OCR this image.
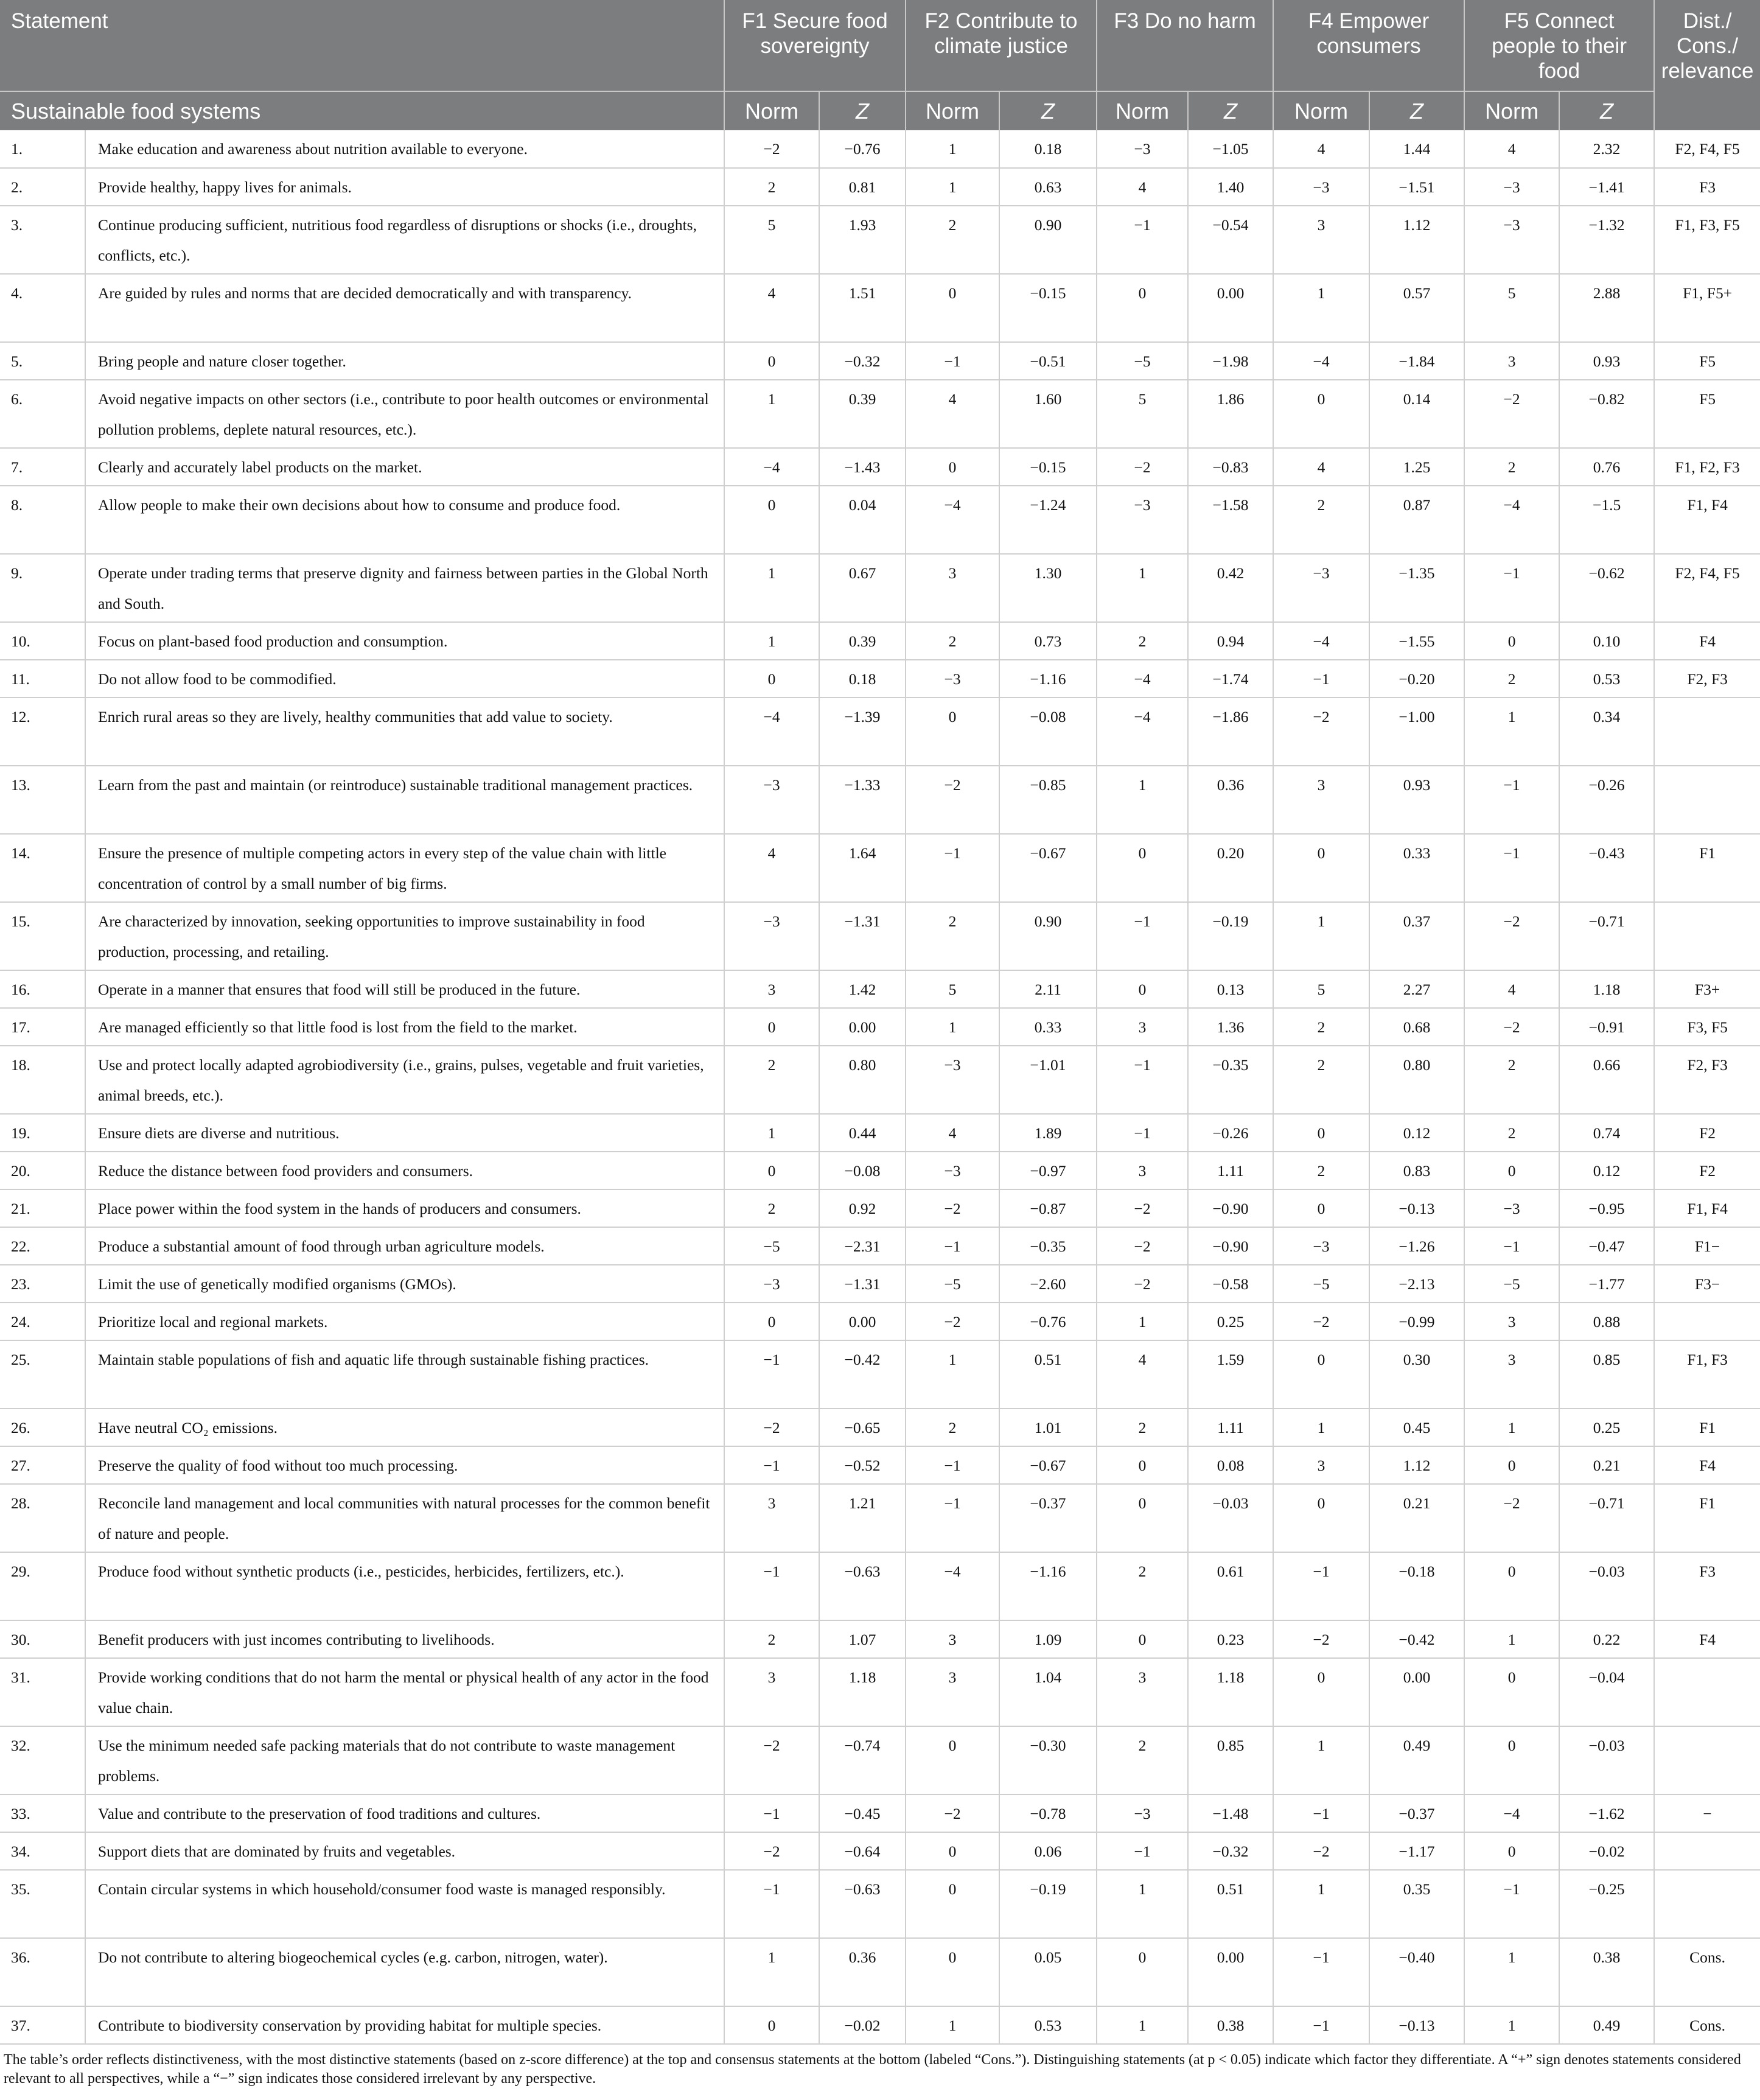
Statement		F1 Secure food sovereignty		F2 Contribute to climate justice		F3 Do no harm		F4 Empower consumers		F5 Connect people to their food		Dist./ Cons./ relevance
Sustainable food systems		Norm	Z	Norm	Z	Norm	Z	Norm	Z	Norm	Z	
1.	Make education and awareness about nutrition available to everyone.	−2	−0.76	1	0.18	−3	−1.05	4	1.44	4	2.32	F2, F4, F5
2.	Provide healthy, happy lives for animals.	2	0.81	1	0.63	4	1.40	−3	−1.51	−3	−1.41	F3
3.	Continue producing sufficient, nutritious food regardless of disruptions or shocks (i.e., droughts, conflicts, etc.).	5	1.93	2	0.90	−1	−0.54	3	1.12	−3	−1.32	F1, F3, F5
4.	Are guided by rules and norms that are decided democratically and with transparency.	4	1.51	0	−0.15	0	0.00	1	0.57	5	2.88	F1, F5+
5.	Bring people and nature closer together.	0	−0.32	−1	−0.51	−5	−1.98	−4	−1.84	3	0.93	F5
6.	Avoid negative impacts on other sectors (i.e., contribute to poor health outcomes or environmental pollution problems, deplete natural resources, etc.).	1	0.39	4	1.60	5	1.86	0	0.14	−2	−0.82	F5
7.	Clearly and accurately label products on the market.	−4	−1.43	0	−0.15	−2	−0.83	4	1.25	2	0.76	F1, F2, F3
8.	Allow people to make their own decisions about how to consume and produce food.	0	0.04	−4	−1.24	−3	−1.58	2	0.87	−4	−1.5	F1, F4
9.	Operate under trading terms that preserve dignity and fairness between parties in the Global North and South.	1	0.67	3	1.30	1	0.42	−3	−1.35	−1	−0.62	F2, F4, F5
10.	Focus on plant-based food production and consumption.	1	0.39	2	0.73	2	0.94	−4	−1.55	0	0.10	F4
11.	Do not allow food to be commodified.	0	0.18	−3	−1.16	−4	−1.74	−1	−0.20	2	0.53	F2, F3
12.	Enrich rural areas so they are lively, healthy communities that add value to society.	−4	−1.39	0	−0.08	−4	−1.86	−2	−1.00	1	0.34	
13.	Learn from the past and maintain (or reintroduce) sustainable traditional management practices.	−3	−1.33	−2	−0.85	1	0.36	3	0.93	−1	−0.26	
14.	Ensure the presence of multiple competing actors in every step of the value chain with little concentration of control by a small number of big firms.	4	1.64	−1	−0.67	0	0.20	0	0.33	−1	−0.43	F1
15.	Are characterized by innovation, seeking opportunities to improve sustainability in food production, processing, and retailing.	−3	−1.31	2	0.90	−1	−0.19	1	0.37	−2	−0.71	
16.	Operate in a manner that ensures that food will still be produced in the future.	3	1.42	5	2.11	0	0.13	5	2.27	4	1.18	F3+
17.	Are managed efficiently so that little food is lost from the field to the market.	0	0.00	1	0.33	3	1.36	2	0.68	−2	−0.91	F3, F5
18.	Use and protect locally adapted agrobiodiversity (i.e., grains, pulses, vegetable and fruit varieties, animal breeds, etc.).	2	0.80	−3	−1.01	−1	−0.35	2	0.80	2	0.66	F2, F3
19.	Ensure diets are diverse and nutritious.	1	0.44	4	1.89	−1	−0.26	0	0.12	2	0.74	F2
20.	Reduce the distance between food providers and consumers.	0	−0.08	−3	−0.97	3	1.11	2	0.83	0	0.12	F2
21.	Place power within the food system in the hands of producers and consumers.	2	0.92	−2	−0.87	−2	−0.90	0	−0.13	−3	−0.95	F1, F4
22.	Produce a substantial amount of food through urban agriculture models.	−5	−2.31	−1	−0.35	−2	−0.90	−3	−1.26	−1	−0.47	F1−
23.	Limit the use of genetically modified organisms (GMOs).	−3	−1.31	−5	−2.60	−2	−0.58	−5	−2.13	−5	−1.77	F3−
24.	Prioritize local and regional markets.	0	0.00	−2	−0.76	1	0.25	−2	−0.99	3	0.88	
25.	Maintain stable populations of fish and aquatic life through sustainable fishing practices.	−1	−0.42	1	0.51	4	1.59	0	0.30	3	0.85	F1, F3
26.	Have neutral CO₂ emissions.	−2	−0.65	2	1.01	2	1.11	1	0.45	1	0.25	F1
27.	Preserve the quality of food without too much processing.	−1	−0.52	−1	−0.67	0	0.08	3	1.12	0	0.21	F4
28.	Reconcile land management and local communities with natural processes for the common benefit of nature and people.	3	1.21	−1	−0.37	0	−0.03	0	0.21	−2	−0.71	F1
29.	Produce food without synthetic products (i.e., pesticides, herbicides, fertilizers, etc.).	−1	−0.63	−4	−1.16	2	0.61	−1	−0.18	0	−0.03	F3
30.	Benefit producers with just incomes contributing to livelihoods.	2	1.07	3	1.09	0	0.23	−2	−0.42	1	0.22	F4
31.	Provide working conditions that do not harm the mental or physical health of any actor in the food value chain.	3	1.18	3	1.04	3	1.18	0	0.00	0	−0.04	
32.	Use the minimum needed safe packing materials that do not contribute to waste management problems.	−2	−0.74	0	−0.30	2	0.85	1	0.49	0	−0.03	
33.	Value and contribute to the preservation of food traditions and cultures.	−1	−0.45	−2	−0.78	−3	−1.48	−1	−0.37	−4	−1.62	−
34.	Support diets that are dominated by fruits and vegetables.	−2	−0.64	0	0.06	−1	−0.32	−2	−1.17	0	−0.02	
35.	Contain circular systems in which household/consumer food waste is managed responsibly.	−1	−0.63	0	−0.19	1	0.51	1	0.35	−1	−0.25	
36.	Do not contribute to altering biogeochemical cycles (e.g. carbon, nitrogen, water).	1	0.36	0	0.05	0	0.00	−1	−0.40	1	0.38	Cons.
37.	Contribute to biodiversity conservation by providing habitat for multiple species.	0	−0.02	1	0.53	1	0.38	−1	−0.13	1	0.49	Cons.
The table’s order reflects distinctiveness, with the most distinctive statements (based on z-score difference) at the top and consensus statements at the bottom (labeled “Cons.”). Distinguishing statements (at p < 0.05) indicate which factor they differentiate. A “+” sign denotes statements considered relevant to all perspectives, while a “−” sign indicates those considered irrelevant by any perspective.
